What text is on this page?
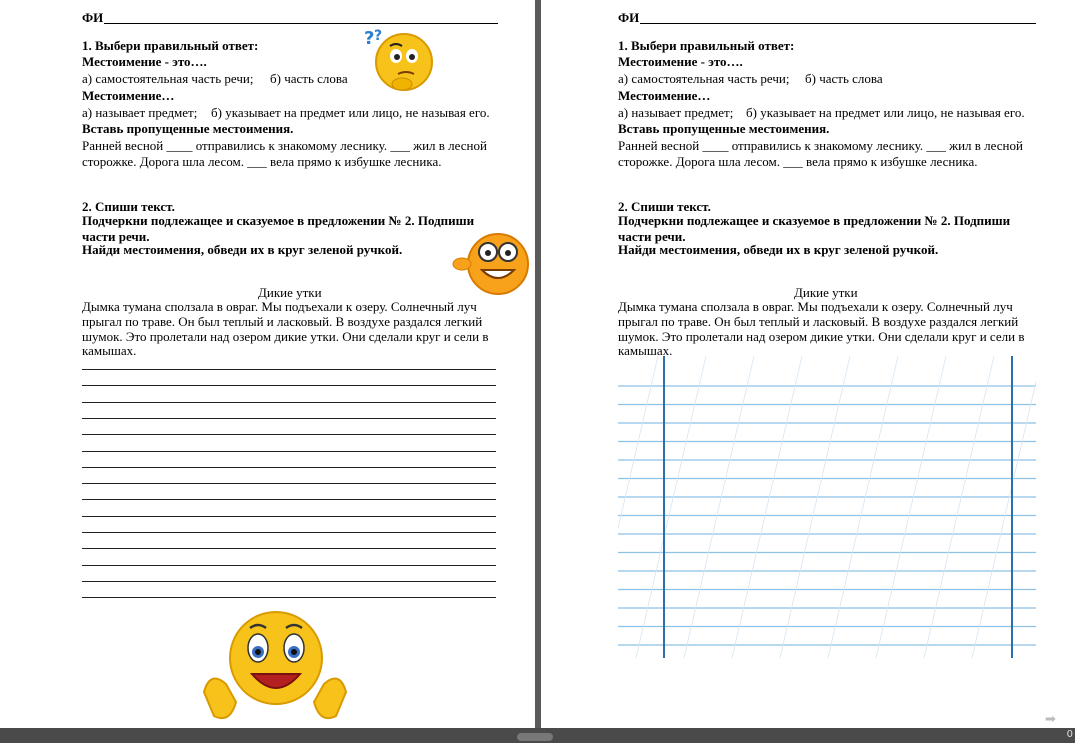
ФИ
1. Выбери правильный ответ:
Местоимение - это….
а) самостоятельная часть речи; б) часть слова
Местоимение…
а) называет предмет; б) указывает на предмет или лицо, не называя его.
Вставь пропущенные местоимения.
Ранней весной ____ отправились к знакомому леснику. ___ жил в лесной
сторожке. Дорога шла лесом. ___ вела прямо к избушке лесника.
2. Спиши текст.
Подчеркни подлежащее и сказуемое в предложении № 2. Подпиши части речи.
Найди местоимения, обведи их в круг зеленой ручкой.
Дикие утки
Дымка тумана сползала в овраг. Мы подъехали к озеру. Солнечный луч
прыгал по траве. Он был теплый и ласковый. В воздухе раздался легкий
шумок. Это пролетали над озером дикие утки. Они сделали круг и сели в
камышах.
? ?
ФИ
1. Выбери правильный ответ:
Местоимение - это….
а) самостоятельная часть речи; б) часть слова
Местоимение…
а) называет предмет; б) указывает на предмет или лицо, не называя его.
Вставь пропущенные местоимения.
Ранней весной ____ отправились к знакомому леснику. ___ жил в лесной
сторожке. Дорога шла лесом. ___ вела прямо к избушке лесника.
2. Спиши текст.
Подчеркни подлежащее и сказуемое в предложении № 2. Подпиши части речи.
Найди местоимения, обведи их в круг зеленой ручкой.
Дикие утки
Дымка тумана сползала в овраг. Мы подъехали к озеру. Солнечный луч
прыгал по траве. Он был теплый и ласковый. В воздухе раздался легкий
шумок. Это пролетали над озером дикие утки. Они сделали круг и сели в
камышах.
➡
0
